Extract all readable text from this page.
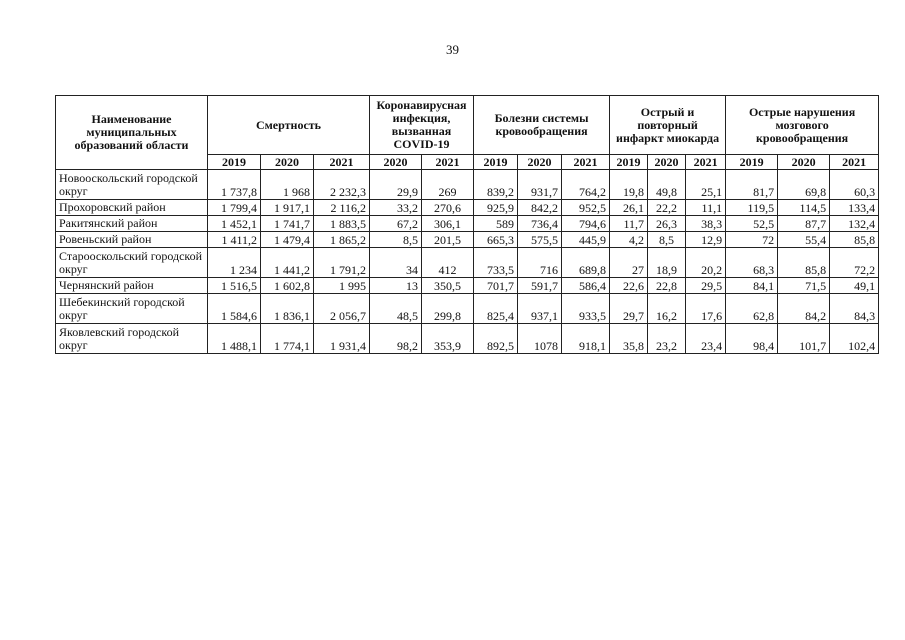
39
Наименование муниципальных образований области	Смертность			Коронавирусная инфекция, вызванная COVID-19		Болезни системы кровообращения			Острый и повторный инфаркт миокарда			Острые нарушения мозгового кровообращения		
	2019	2020	2021	2020	2021	2019	2020	2021	2019	2020	2021	2019	2020	2021
Новооскольский городской округ	1 737,8	1 968	2 232,3	29,9	269	839,2	931,7	764,2	19,8	49,8	25,1	81,7	69,8	60,3
Прохоровский район	1 799,4	1 917,1	2 116,2	33,2	270,6	925,9	842,2	952,5	26,1	22,2	11,1	119,5	114,5	133,4
Ракитянский район	1 452,1	1 741,7	1 883,5	67,2	306,1	589	736,4	794,6	11,7	26,3	38,3	52,5	87,7	132,4
Ровеньский район	1 411,2	1 479,4	1 865,2	8,5	201,5	665,3	575,5	445,9	4,2	8,5	12,9	72	55,4	85,8
Старооскольский городской округ	1 234	1 441,2	1 791,2	34	412	733,5	716	689,8	27	18,9	20,2	68,3	85,8	72,2
Чернянский район	1 516,5	1 602,8	1 995	13	350,5	701,7	591,7	586,4	22,6	22,8	29,5	84,1	71,5	49,1
Шебекинский городской округ	1 584,6	1 836,1	2 056,7	48,5	299,8	825,4	937,1	933,5	29,7	16,2	17,6	62,8	84,2	84,3
Яковлевский городской округ	1 488,1	1 774,1	1 931,4	98,2	353,9	892,5	1078	918,1	35,8	23,2	23,4	98,4	101,7	102,4
